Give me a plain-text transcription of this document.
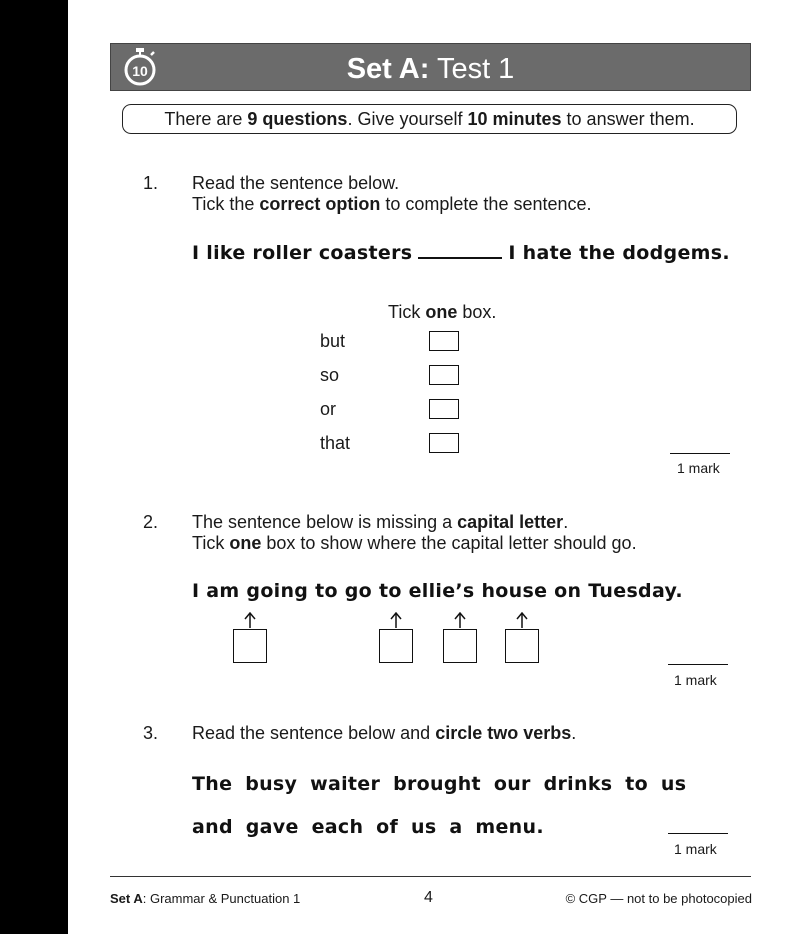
10	Set A: Test 1
There are 9 questions. Give yourself 10 minutes to answer them.
1. Read the sentence below.
Tick the correct option to complete the sentence.
I like roller coasters	I hate the dodgems.
Tick one box.
but
so
or
that
1 mark
2. The sentence below is missing a capital letter.
Tick one box to show where the capital letter should go.
I am going to go to ellie’s house on Tuesday.
1 mark
3. Read the sentence below and circle two verbs.
The busy waiter brought our drinks to us
and gave each of us a menu.
1 mark
Set A: Grammar & Punctuation 1	4	© CGP — not to be photocopied
